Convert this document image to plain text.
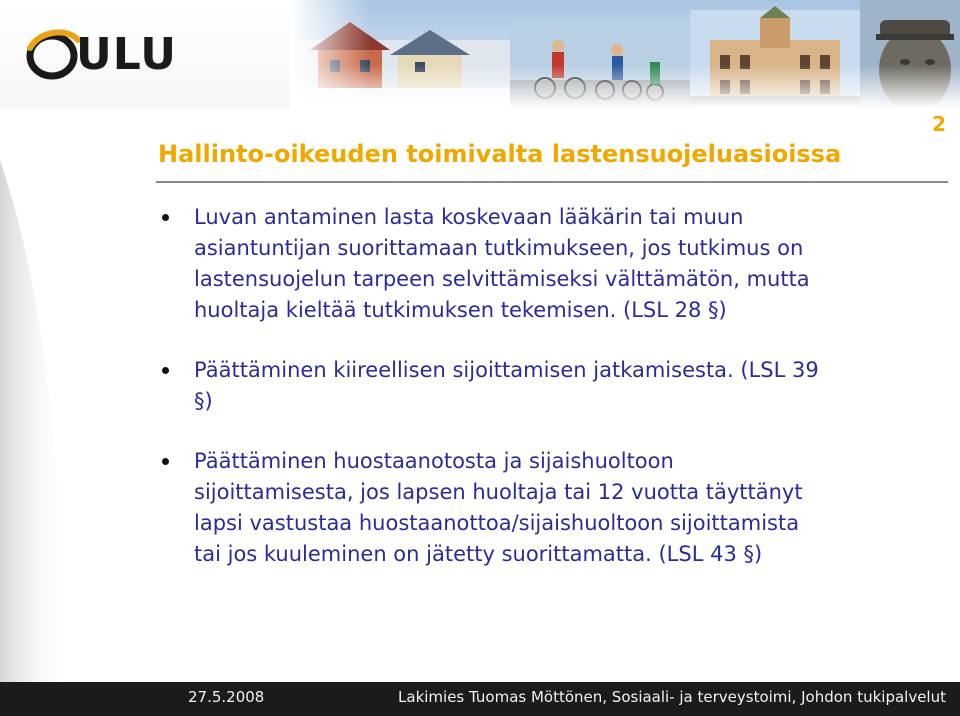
ULU
2
Hallinto-oikeuden toimivalta lastensuojeluasioissa
Luvan antaminen lasta koskevaan lääkärin tai muun
asiantuntijan suorittamaan tutkimukseen, jos tutkimus on
lastensuojelun tarpeen selvittämiseksi välttämätön, mutta
huoltaja kieltää tutkimuksen tekemisen. (LSL 28 §)
Päättäminen kiireellisen sijoittamisen jatkamisesta. (LSL 39
§)
Päättäminen huostaanotosta ja sijaishuoltoon
sijoittamisesta, jos lapsen huoltaja tai 12 vuotta täyttänyt
lapsi vastustaa huostaanottoa/sijaishuoltoon sijoittamista
tai jos kuuleminen on jätetty suorittamatta. (LSL 43 §)
27.5.2008	Lakimies Tuomas Möttönen, Sosiaali- ja terveystoimi, Johdon tukipalvelut
